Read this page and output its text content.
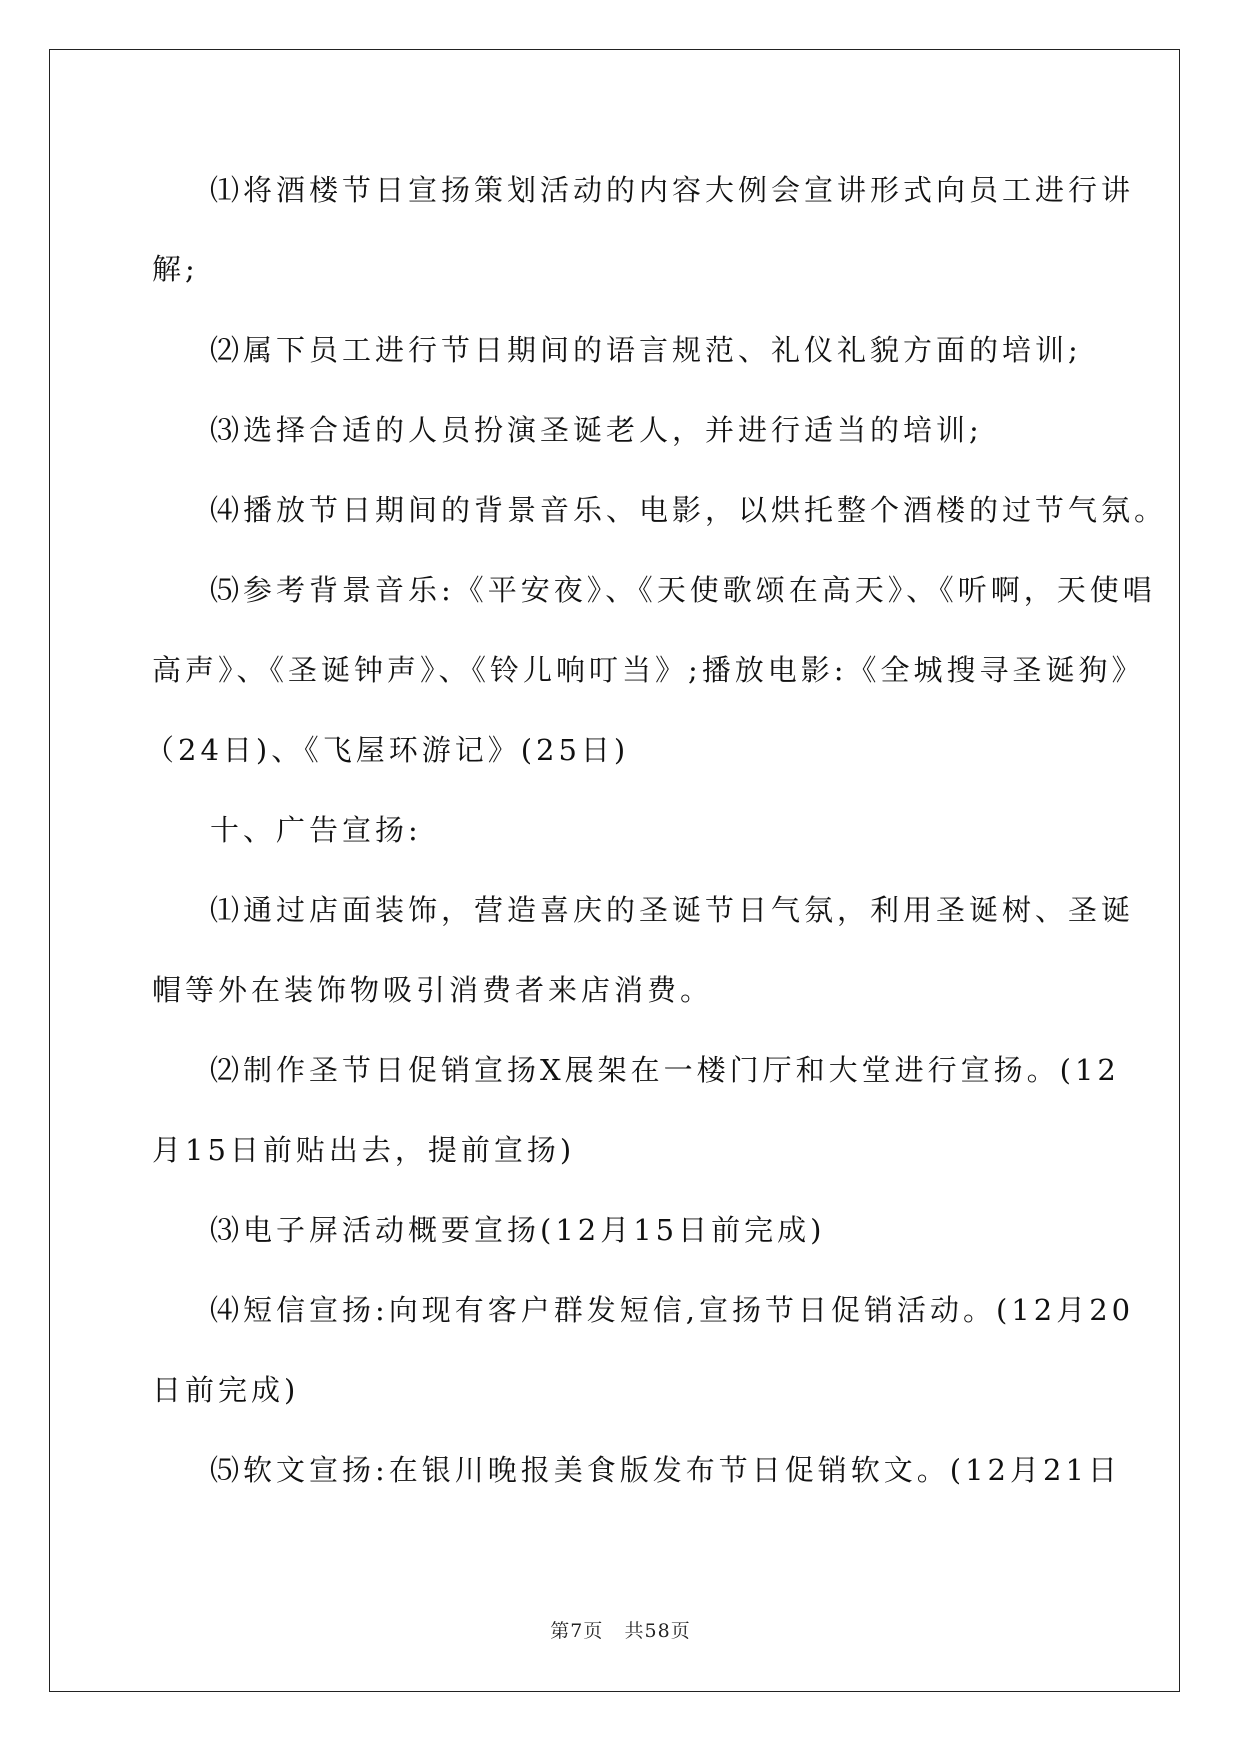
⑴将酒楼节日宣扬策划活动的内容大例会宣讲形式向员工进行讲

解;

⑵属下员工进行节日期间的语言规范、礼仪礼貌方面的培训;

⑶选择合适的人员扮演圣诞老人，并进行适当的培训;

⑷播放节日期间的背景音乐、电影，以烘托整个酒楼的过节气氛。

⑸参考背景音乐:《平安夜》、《天使歌颂在高天》、《听啊，天使唱

高声》、《圣诞钟声》、《铃儿响叮当》;播放电影:《全城搜寻圣诞狗》

（24日)、《飞屋环游记》(25日)

十、广告宣扬:

⑴通过店面装饰，营造喜庆的圣诞节日气氛，利用圣诞树、圣诞

帽等外在装饰物吸引消费者来店消费。

⑵制作圣节日促销宣扬X展架在一楼门厅和大堂进行宣扬。(12

月15日前贴出去，提前宣扬)

⑶电子屏活动概要宣扬(12月15日前完成)

⑷短信宣扬:向现有客户群发短信,宣扬节日促销活动。(12月20

日前完成)

⑸软文宣扬:在银川晚报美食版发布节日促销软文。(12月21日

第7页 共58页
